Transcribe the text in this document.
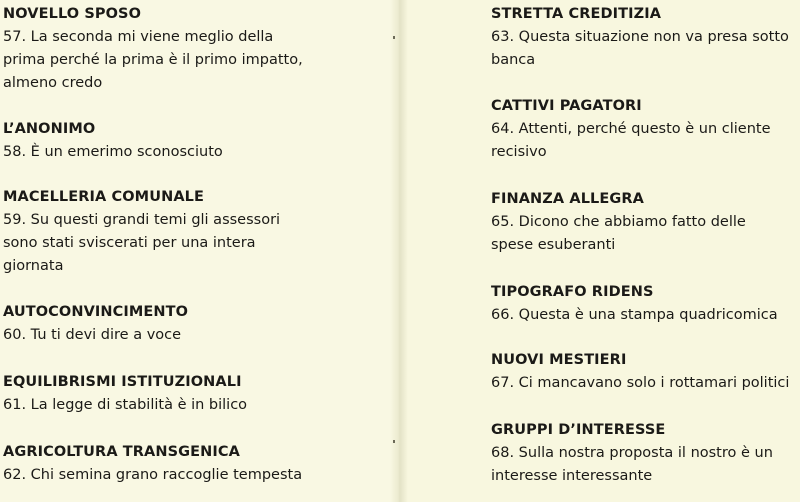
NOVELLO SPOSO
57. La seconda mi viene meglio della prima perché la prima è il primo impatto, almeno credo
L’ANONIMO
58. È un emerimo sconosciuto
MACELLERIA COMUNALE
59. Su questi grandi temi gli assessori sono stati sviscerati per una intera giornata
AUTOCONVINCIMENTO
60. Tu ti devi dire a voce
EQUILIBRISMI ISTITUZIONALI
61. La legge di stabilità è in bilico
AGRICOLTURA TRANSGENICA
62. Chi semina grano raccoglie tempesta
STRETTA CREDITIZIA
63. Questa situazione non va presa sotto banca
CATTIVI PAGATORI
64. Attenti, perché questo è un cliente recisivo
FINANZA ALLEGRA
65. Dicono che abbiamo fatto delle spese esuberanti
TIPOGRAFO RIDENS
66. Questa è una stampa quadricomica
NUOVI MESTIERI
67. Ci mancavano solo i rottamari politici
GRUPPI D’INTERESSE
68. Sulla nostra proposta il nostro è un interesse interessante
